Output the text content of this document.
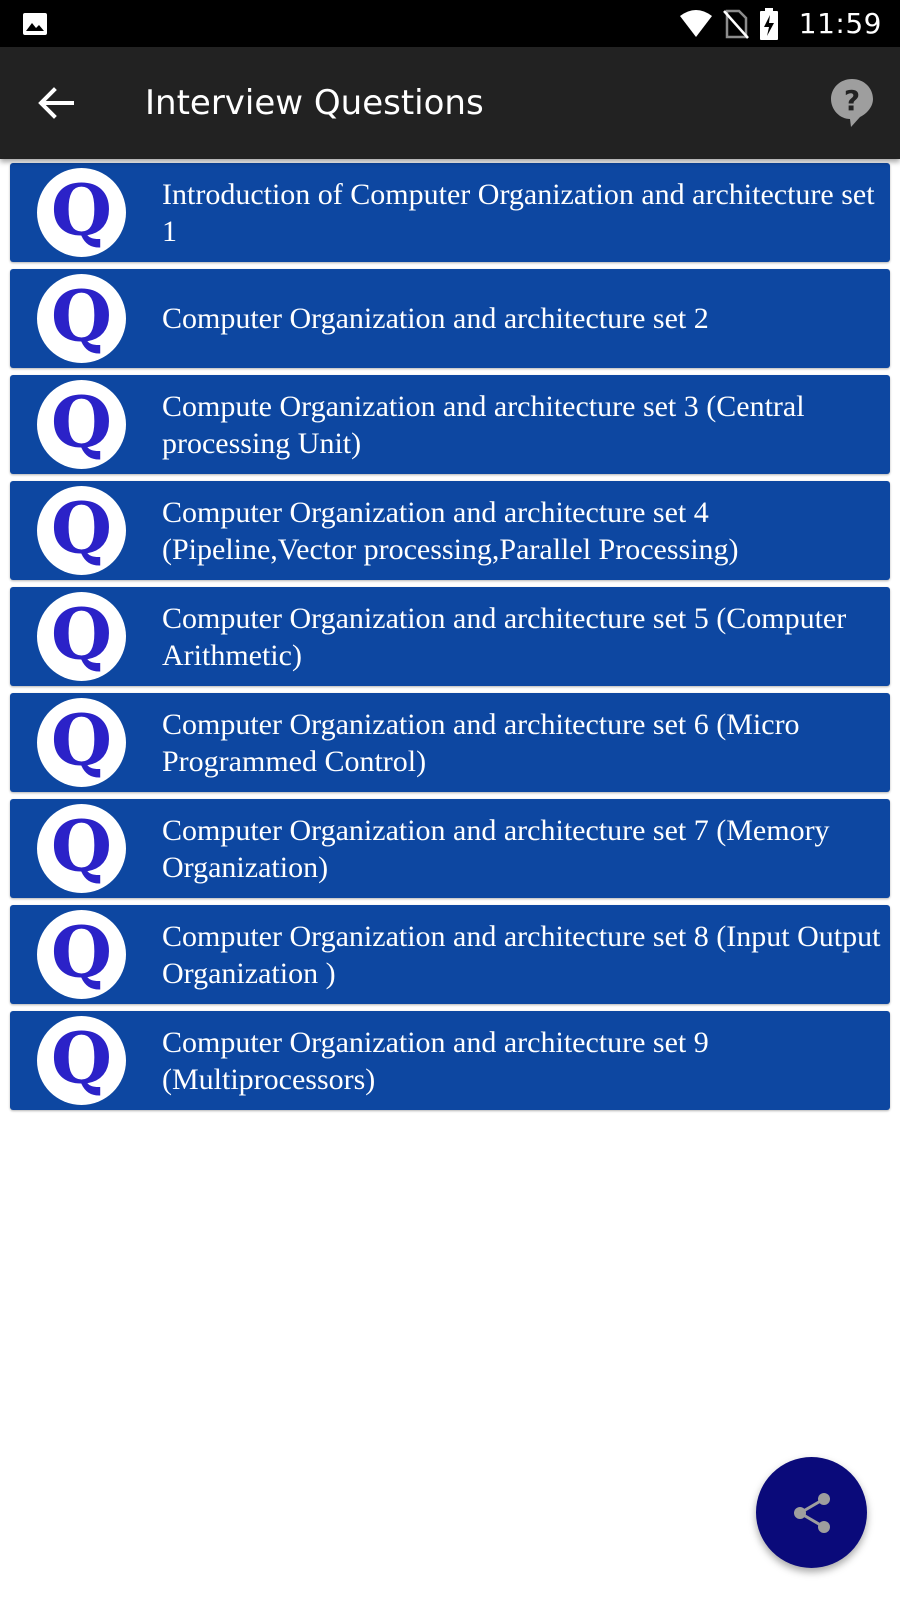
11:59
Interview Questions	?
Q Introduction of Computer Organization and architecture set 1
Q Computer Organization and architecture set 2
Q Compute Organization and architecture set 3 (Central processing Unit)
Q Computer Organization and architecture set 4 (Pipeline,Vector processing,Parallel Processing)
Q Computer Organization and architecture set 5 (Computer Arithmetic)
Q Computer Organization and architecture set 6 (Micro Programmed Control)
Q Computer Organization and architecture set 7 (Memory Organization)
Q Computer Organization and architecture set 8 (Input Output Organization )
Q Computer Organization and architecture set 9 (Multiprocessors)
